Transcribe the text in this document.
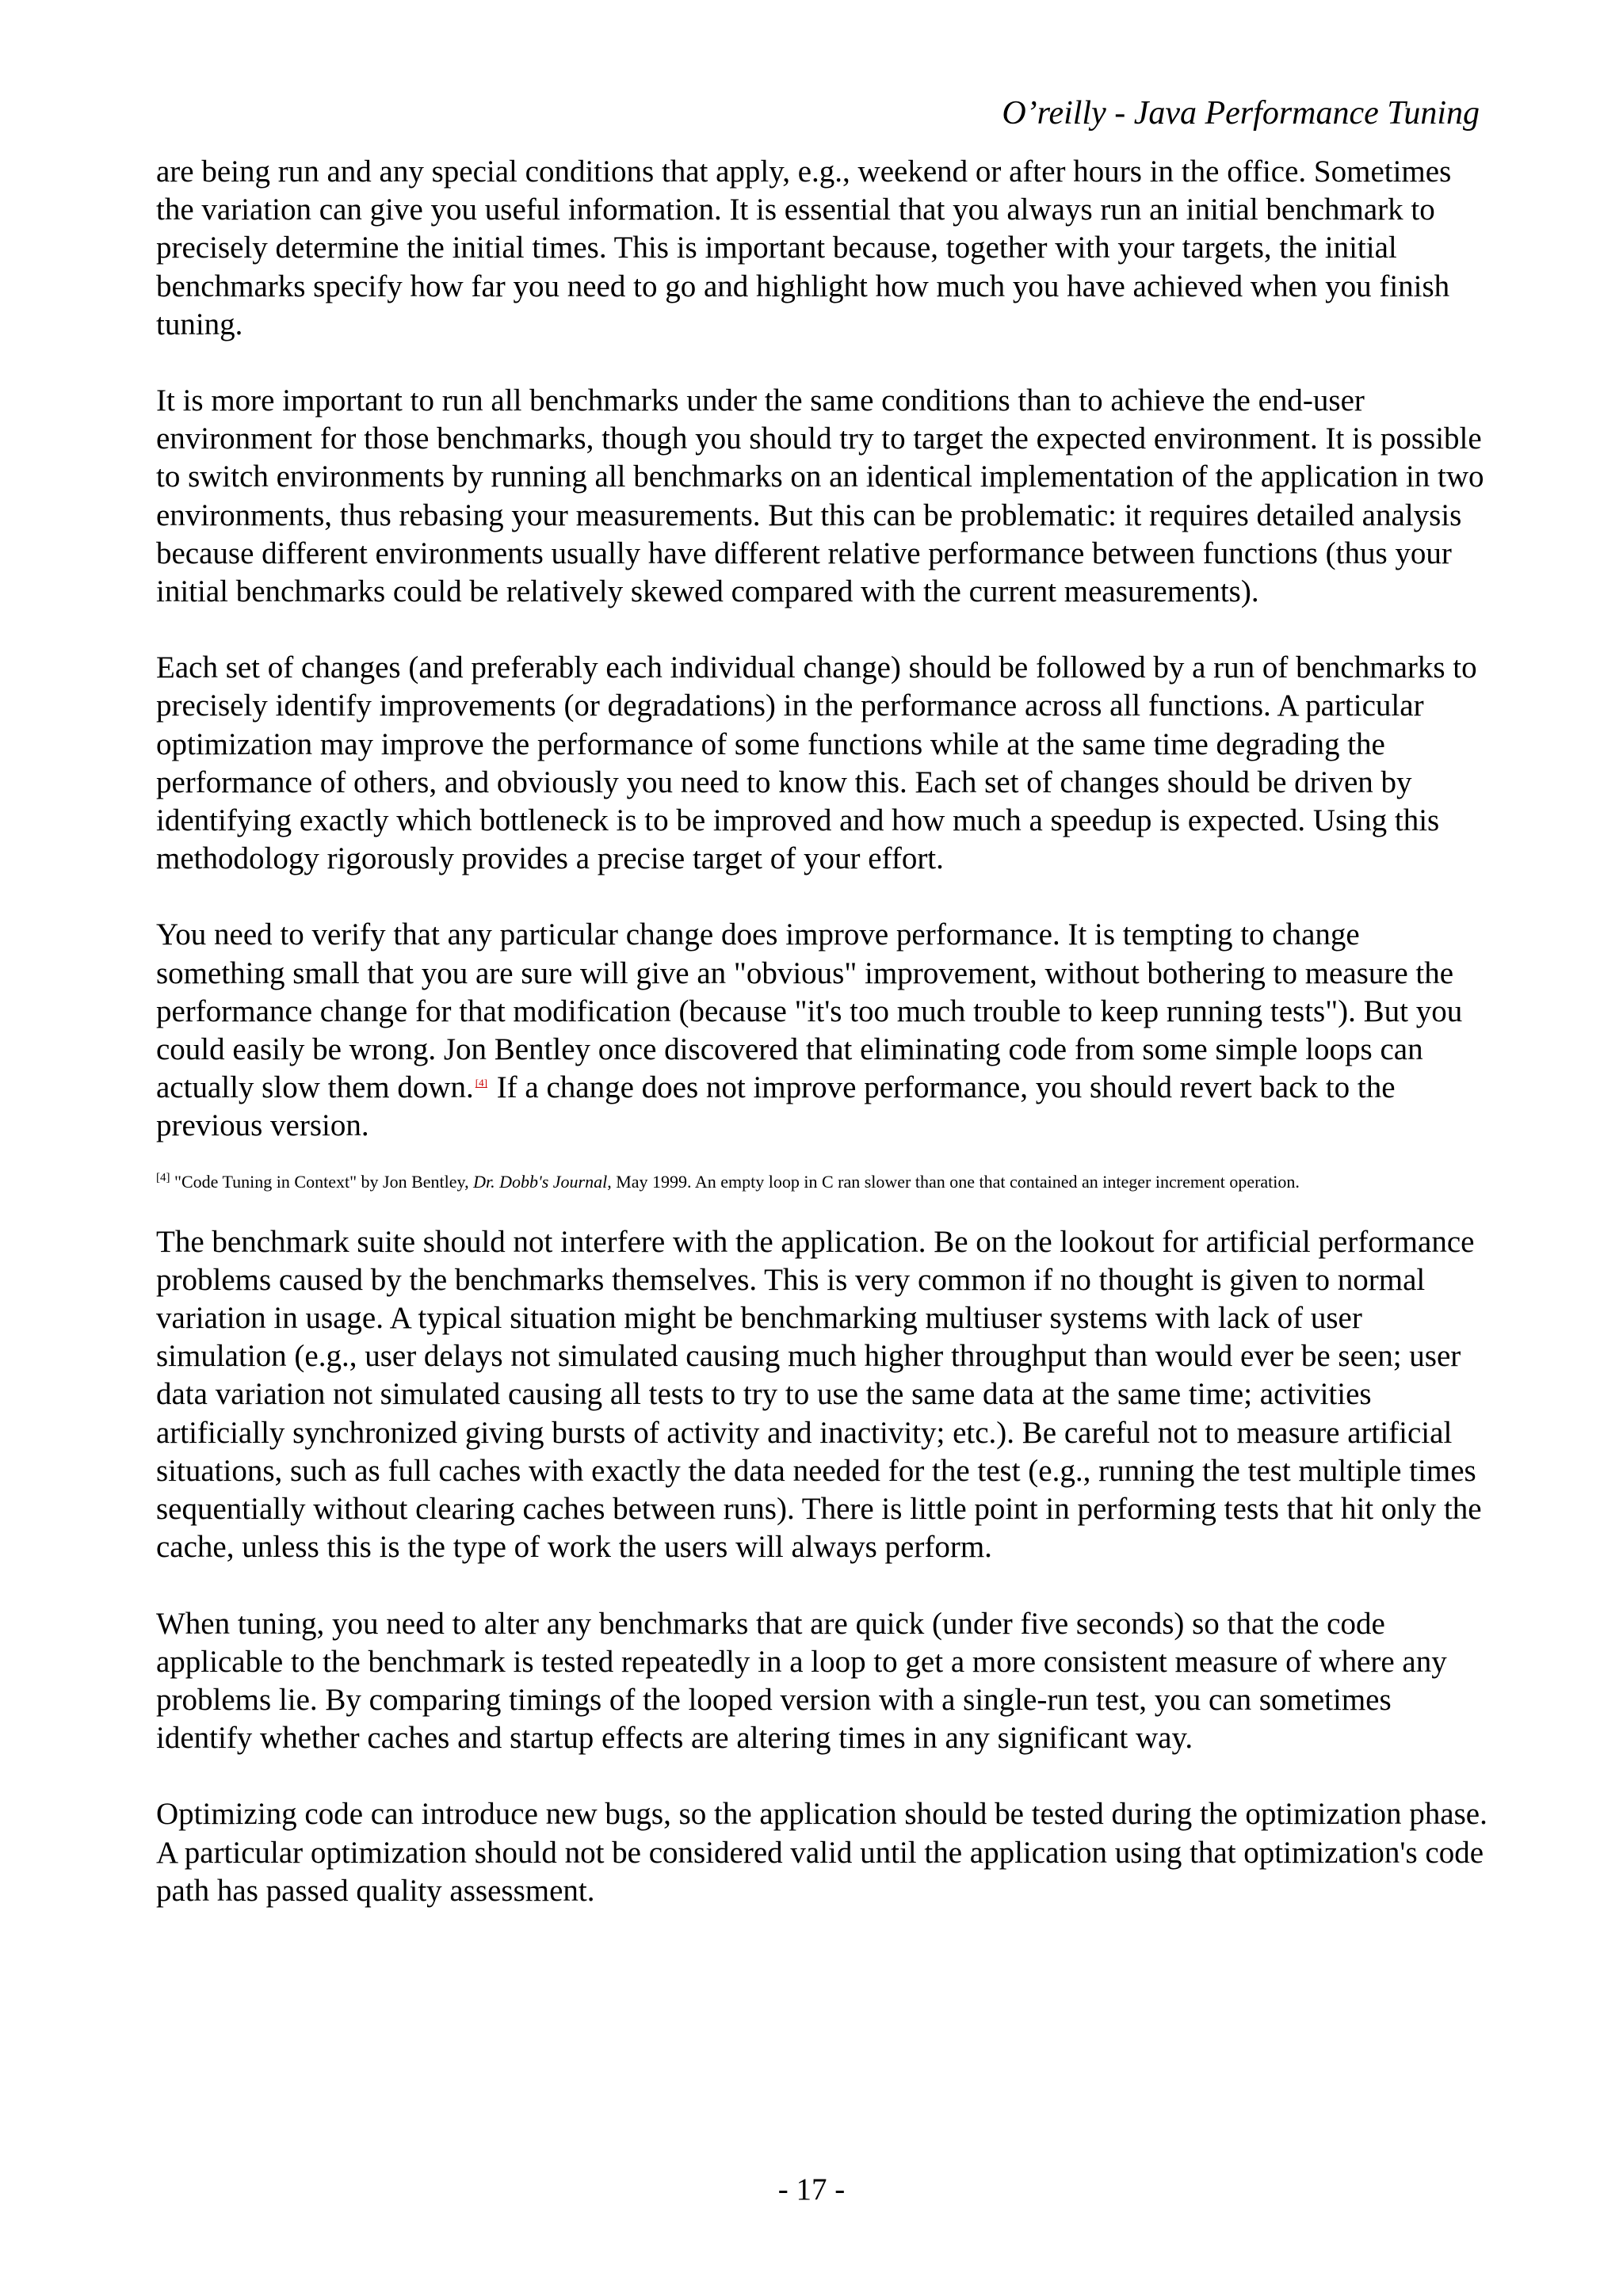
O’reilly - Java Performance Tuning

are being run and any special conditions that apply, e.g., weekend or after hours in the office. Sometimes the variation can give you useful information. It is essential that you always run an initial benchmark to precisely determine the initial times. This is important because, together with your targets, the initial benchmarks specify how far you need to go and highlight how much you have achieved when you finish tuning.

It is more important to run all benchmarks under the same conditions than to achieve the end-user environment for those benchmarks, though you should try to target the expected environment. It is possible to switch environments by running all benchmarks on an identical implementation of the application in two environments, thus rebasing your measurements. But this can be problematic: it requires detailed analysis because different environments usually have different relative performance between functions (thus your initial benchmarks could be relatively skewed compared with the current measurements).

Each set of changes (and preferably each individual change) should be followed by a run of benchmarks to precisely identify improvements (or degradations) in the performance across all functions. A particular optimization may improve the performance of some functions while at the same time degrading the performance of others, and obviously you need to know this. Each set of changes should be driven by identifying exactly which bottleneck is to be improved and how much a speedup is expected. Using this methodology rigorously provides a precise target of your effort.

You need to verify that any particular change does improve performance. It is tempting to change something small that you are sure will give an "obvious" improvement, without bothering to measure the performance change for that modification (because "it's too much trouble to keep running tests"). But you could easily be wrong. Jon Bentley once discovered that eliminating code from some simple loops can actually slow them down. [4] If a change does not improve performance, you should revert back to the previous version.

[4] "Code Tuning in Context" by Jon Bentley, Dr. Dobb's Journal, May 1999. An empty loop in C ran slower than one that contained an integer increment operation.

The benchmark suite should not interfere with the application. Be on the lookout for artificial performance problems caused by the benchmarks themselves. This is very common if no thought is given to normal variation in usage. A typical situation might be benchmarking multiuser systems with lack of user simulation (e.g., user delays not simulated causing much higher throughput than would ever be seen; user data variation not simulated causing all tests to try to use the same data at the same time; activities artificially synchronized giving bursts of activity and inactivity; etc.). Be careful not to measure artificial situations, such as full caches with exactly the data needed for the test (e.g., running the test multiple times sequentially without clearing caches between runs). There is little point in performing tests that hit only the cache, unless this is the type of work the users will always perform.

When tuning, you need to alter any benchmarks that are quick (under five seconds) so that the code applicable to the benchmark is tested repeatedly in a loop to get a more consistent measure of where any problems lie. By comparing timings of the looped version with a single-run test, you can sometimes identify whether caches and startup effects are altering times in any significant way.

Optimizing code can introduce new bugs, so the application should be tested during the optimization phase. A particular optimization should not be considered valid until the application using that optimization's code path has passed quality assessment.

- 17 -
